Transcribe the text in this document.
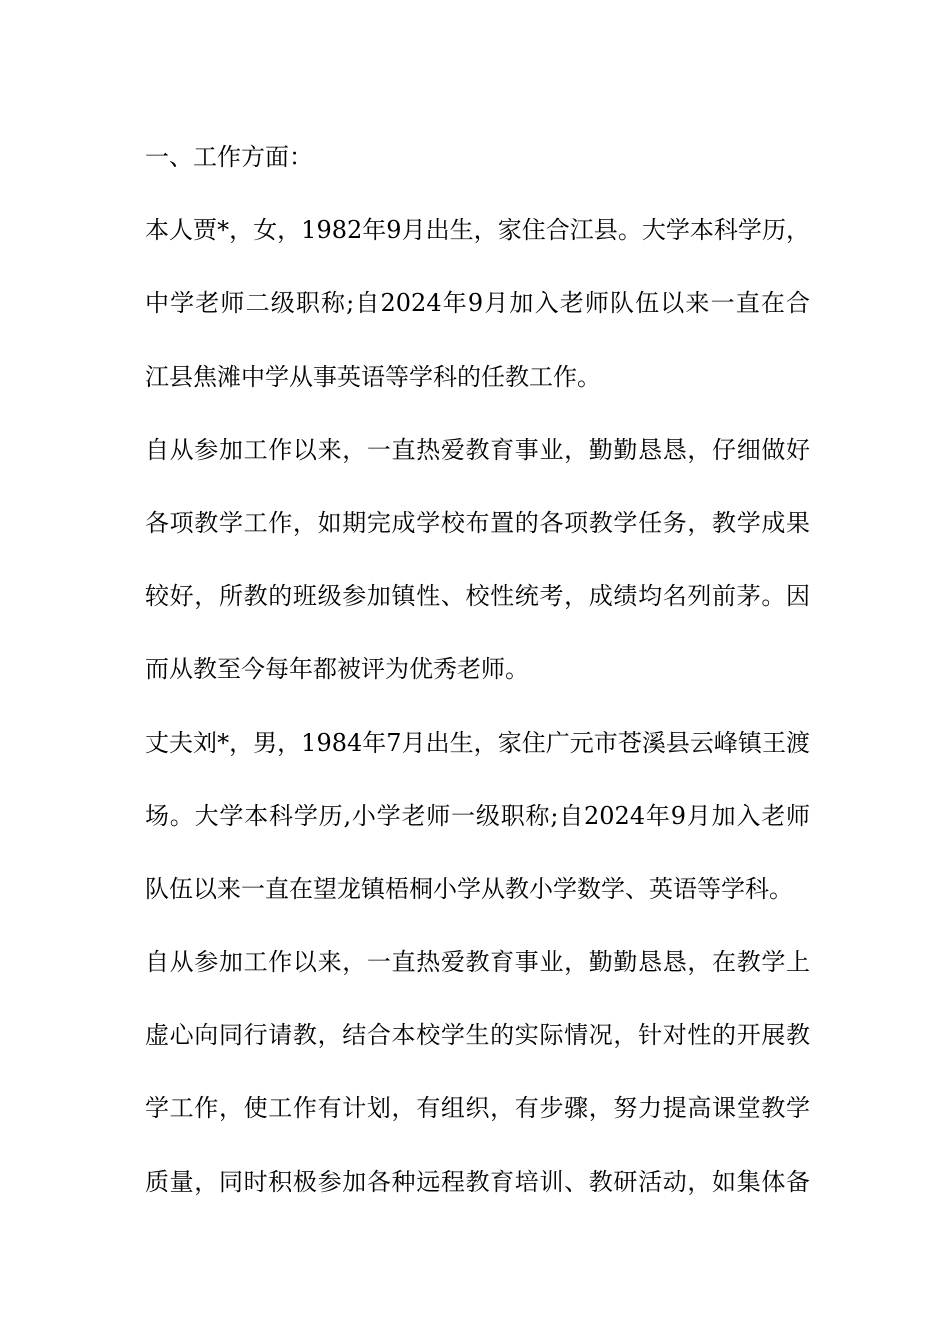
一、工作方面：
本人贾*，女，1982年9月出生，家住合江县。大学本科学历，
中学老师二级职称;自2024年9月加入老师队伍以来一直在合
江县焦滩中学从事英语等学科的任教工作。
自从参加工作以来，一直热爱教育事业，勤勤恳恳，仔细做好
各项教学工作，如期完成学校布置的各项教学任务，教学成果
较好，所教的班级参加镇性、校性统考，成绩均名列前茅。因
而从教至今每年都被评为优秀老师。
丈夫刘*，男，1984年7月出生，家住广元市苍溪县云峰镇王渡
场。大学本科学历,小学老师一级职称;自2024年9月加入老师
队伍以来一直在望龙镇梧桐小学从教小学数学、英语等学科。
自从参加工作以来，一直热爱教育事业，勤勤恳恳，在教学上
虚心向同行请教，结合本校学生的实际情况，针对性的开展教
学工作，使工作有计划，有组织，有步骤，努力提高课堂教学
质量，同时积极参加各种远程教育培训、教研活动，如集体备
